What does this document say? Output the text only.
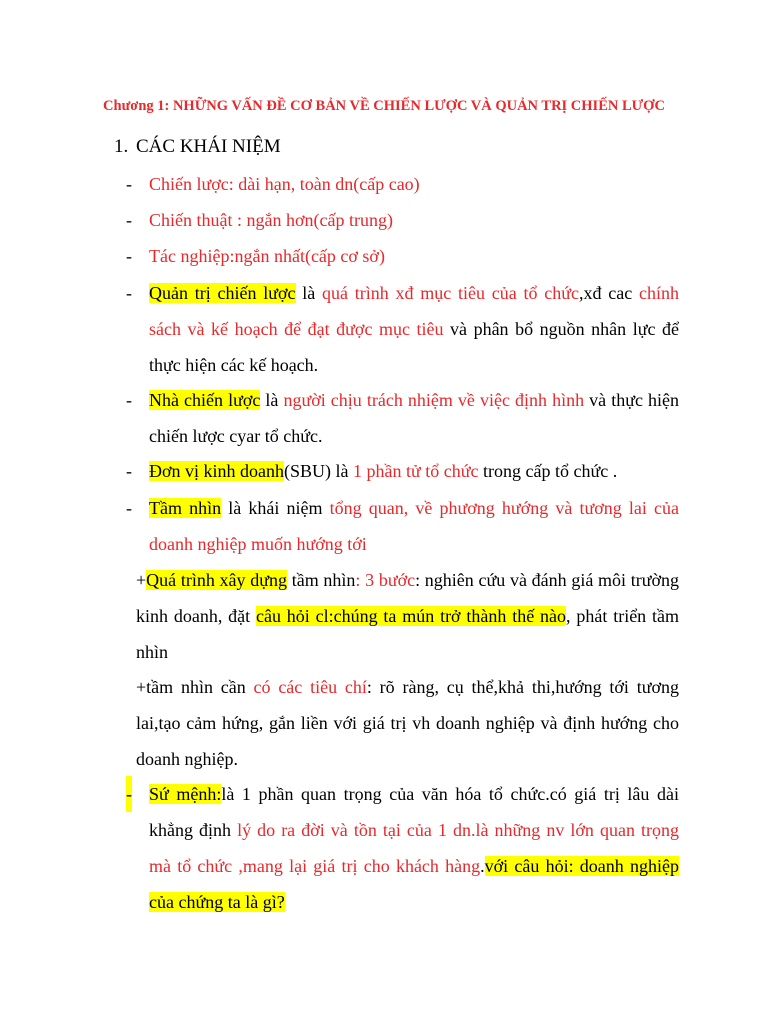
Chương 1: NHỮNG VẤN ĐỀ CƠ BẢN VỀ CHIẾN LƯỢC VÀ QUẢN TRỊ CHIẾN LƯỢC
1. CÁC KHÁI NIỆM
- Chiến lược: dài hạn, toàn dn(cấp cao)
- Chiến thuật : ngắn hơn(cấp trung)
- Tác nghiệp:ngắn nhất(cấp cơ sở)
- Quản trị chiến lược là quá trình xđ mục tiêu của tổ chức,xđ cac chính sách và kế hoạch để đạt được mục tiêu và phân bổ nguồn nhân lực để thực hiện các kế hoạch.
- Nhà chiến lược là người chịu trách nhiệm về việc định hình và thực hiện chiến lược cyar tổ chức.
- Đơn vị kinh doanh(SBU) là 1 phần tử tổ chức trong cấp tổ chức .
- Tầm nhìn là khái niệm tổng quan, về phương hướng và tương lai của doanh nghiệp muốn hướng tới
+Quá trình xây dựng tầm nhìn: 3 bước: nghiên cứu và đánh giá môi trường kinh doanh, đặt câu hỏi cl:chúng ta mún trở thành thế nào, phát triển tầm nhìn
+tầm nhìn cần có các tiêu chí: rõ ràng, cụ thể,khả thi,hướng tới tương lai,tạo cảm hứng, gắn liền với giá trị vh doanh nghiệp và định hướng cho doanh nghiệp.
- Sứ mệnh:là 1 phần quan trọng của văn hóa tổ chức.có giá trị lâu dài khẳng định lý do ra đời và tồn tại của 1 dn.là những nv lớn quan trọng mà tổ chức ,mang lại giá trị cho khách hàng.với câu hỏi: doanh nghiệp của chứng ta là gì?
